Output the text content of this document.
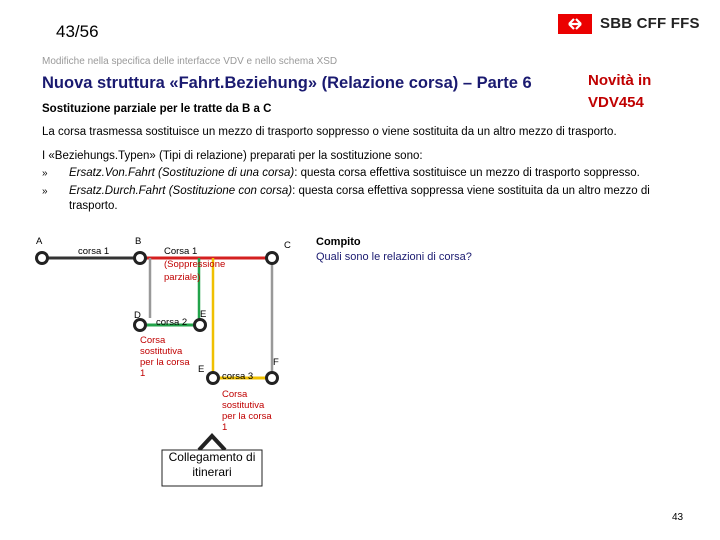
43/56	SBB CFF FFS
Modifiche nella specifica delle interfacce VDV e nello schema XSD
Nuova struttura «Fahrt.Beziehung» (Relazione corsa) – Parte 6	Novità in
VDV454
Sostituzione parziale per le tratte da B a C
La corsa trasmessa sostituisce un mezzo di trasporto soppresso o viene sostituita da un altro mezzo di trasporto.
I «Beziehungs.Typen» (Tipi di relazione) preparati per la sostituzione sono:
» Ersatz.Von.Fahrt (Sostituzione di una corsa): questa corsa effettiva sostituisce un mezzo di trasporto soppresso.
» Ersatz.Durch.Fahrt (Sostituzione con corsa): questa corsa effettiva soppressa viene sostituita da un altro mezzo di trasporto.
Compito
Quali sono le relazioni di corsa?
A	B	C
D	E
E
F
corsa 1	Corsa 1
(Soppressione
parziale)
corsa 2
corsa 3
Corsa
sostitutiva
per la corsa
1
Corsa
sostitutiva
per la corsa
1
Collegamento di
itinerari
43
